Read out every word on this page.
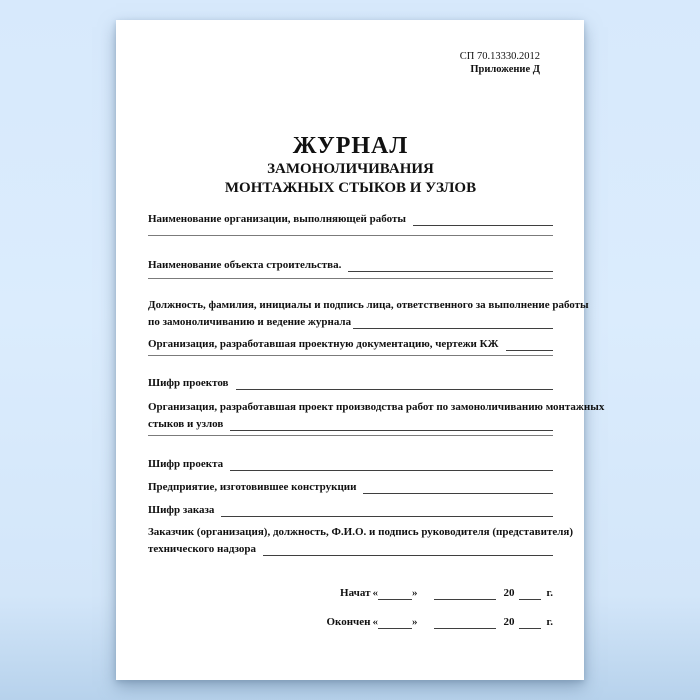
СП 70.13330.2012
Приложение Д
ЖУРНАЛ
ЗАМОНОЛИЧИВАНИЯ
МОНТАЖНЫХ СТЫКОВ И УЗЛОВ
Наименование организации, выполняющей работы
Наименование объекта строительства.
Должность, фамилия, инициалы и подпись лица, ответственного за выполнение работы
по замоноличиванию и ведение журнала
Организация, разработавшая проектную документацию, чертежи КЖ
Шифр проектов
Организация, разработавшая проект производства работ по замоноличиванию монтажных
стыков и узлов
Шифр проекта
Предприятие, изготовившее конструкции
Шифр заказа
Заказчик (организация), должность, Ф.И.О. и подпись руководителя (представителя)
технического надзора
Начат «	»	20	г.
Окончен «	»	20	г.
